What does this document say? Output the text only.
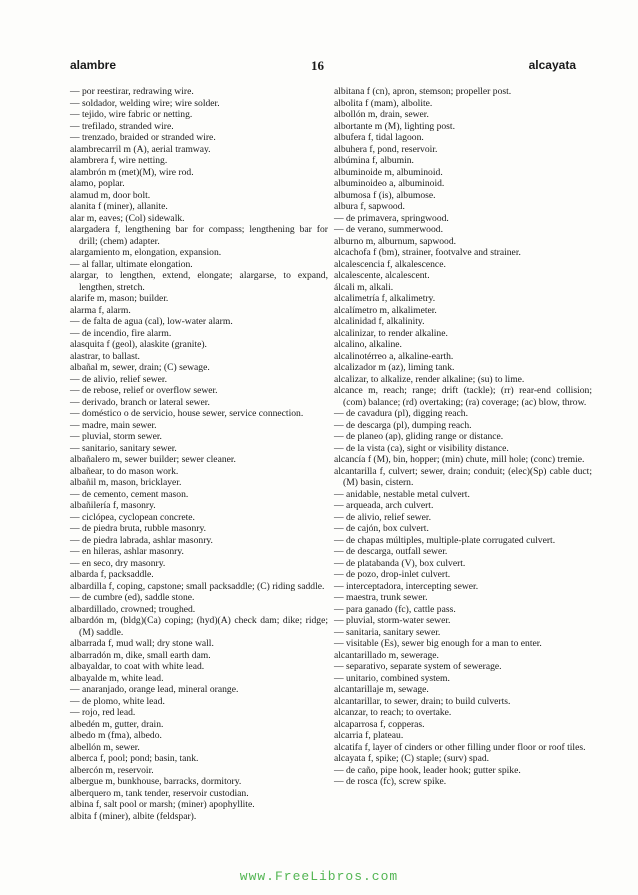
alambre	16	alcayata
— por reestirar, redrawing wire.
— soldador, welding wire; wire solder.
— tejido, wire fabric or netting.
— trefilado, stranded wire.
— trenzado, braided or stranded wire.
alambrecarril m (A), aerial tramway.
alambrera f, wire netting.
alambrón m (met)(M), wire rod.
alamo, poplar.
alamud m, door bolt.
alanita f (miner), allanite.
alar m, eaves; (Col) sidewalk.
alargadera f, lengthening bar for compass; lengthening bar for drill; (chem) adapter.
alargamiento m, elongation, expansion.
— al fallar, ultimate elongation.
alargar, to lengthen, extend, elongate; alargarse, to expand, lengthen, stretch.
alarife m, mason; builder.
alarma f, alarm.
— de falta de agua (cal), low-water alarm.
— de incendio, fire alarm.
alasquita f (geol), alaskite (granite).
alastrar, to ballast.
albañal m, sewer, drain; (C) sewage.
— de alivio, relief sewer.
— de rebose, relief or overflow sewer.
— derivado, branch or lateral sewer.
— doméstico o de servicio, house sewer, service connection.
— madre, main sewer.
— pluvial, storm sewer.
— sanitario, sanitary sewer.
albañalero m, sewer builder; sewer cleaner.
albañear, to do mason work.
albañil m, mason, bricklayer.
— de cemento, cement mason.
albañilería f, masonry.
— ciclópea, cyclopean concrete.
— de piedra bruta, rubble masonry.
— de piedra labrada, ashlar masonry.
— en hileras, ashlar masonry.
— en seco, dry masonry.
albarda f, packsaddle.
albardilla f, coping, capstone; small packsaddle; (C) riding saddle.
— de cumbre (ed), saddle stone.
albardillado, crowned; troughed.
albardón m, (bldg)(Ca) coping; (hyd)(A) check dam; dike; ridge; (M) saddle.
albarrada f, mud wall; dry stone wall.
albarradón m, dike, small earth dam.
albayaldar, to coat with white lead.
albayalde m, white lead.
— anaranjado, orange lead, mineral orange.
— de plomo, white lead.
— rojo, red lead.
albedén m, gutter, drain.
albedo m (fma), albedo.
albellón m, sewer.
alberca f, pool; pond; basin, tank.
albercón m, reservoir.
albergue m, bunkhouse, barracks, dormitory.
alberquero m, tank tender, reservoir custodian.
albina f, salt pool or marsh; (miner) apophyllite.
albita f (miner), albite (feldspar).
albitana f (cn), apron, stemson; propeller post.
albolita f (mam), albolite.
albollón m, drain, sewer.
albortante m (M), lighting post.
albufera f, tidal lagoon.
albuhera f, pond, reservoir.
albúmina f, albumin.
albuminoide m, albuminoid.
albuminoideo a, albuminoid.
albumosa f (is), albumose.
albura f, sapwood.
— de primavera, springwood.
— de verano, summerwood.
alburno m, alburnum, sapwood.
alcachofa f (bm), strainer, footvalve and strainer.
alcalescencia f, alkalescence.
alcalescente, alcalescent.
álcali m, alkali.
alcalimetría f, alkalimetry.
alcalímetro m, alkalimeter.
alcalinidad f, alkalinity.
alcalinizar, to render alkaline.
alcalino, alkaline.
alcalinotérreo a, alkaline-earth.
alcalizador m (az), liming tank.
alcalizar, to alkalize, render alkaline; (su) to lime.
alcance m, reach; range; drift (tackle); (rr) rear-end collision; (com) balance; (rd) overtaking; (ra) coverage; (ac) blow, throw.
— de cavadura (pl), digging reach.
— de descarga (pl), dumping reach.
— de planeo (ap), gliding range or distance.
— de la vista (ca), sight or visibility distance.
alcancía f (M), bin, hopper; (min) chute, mill hole; (conc) tremie.
alcantarilla f, culvert; sewer, drain; conduit; (elec)(Sp) cable duct; (M) basin, cistern.
— anidable, nestable metal culvert.
— arqueada, arch culvert.
— de alivio, relief sewer.
— de cajón, box culvert.
— de chapas múltiples, multiple-plate corrugated culvert.
— de descarga, outfall sewer.
— de platabanda (V), box culvert.
— de pozo, drop-inlet culvert.
— interceptadora, intercepting sewer.
— maestra, trunk sewer.
— para ganado (fc), cattle pass.
— pluvial, storm-water sewer.
— sanitaria, sanitary sewer.
— visitable (Es), sewer big enough for a man to enter.
alcantarillado m, sewerage.
— separativo, separate system of sewerage.
— unitario, combined system.
alcantarillaje m, sewage.
alcantarillar, to sewer, drain; to build culverts.
alcanzar, to reach; to overtake.
alcaparrosa f, copperas.
alcarria f, plateau.
alcatifa f, layer of cinders or other filling under floor or roof tiles.
alcayata f, spike; (C) staple; (surv) spad.
— de caño, pipe hook, leader hook; gutter spike.
— de rosca (fc), screw spike.
www.FreeLibros.com
